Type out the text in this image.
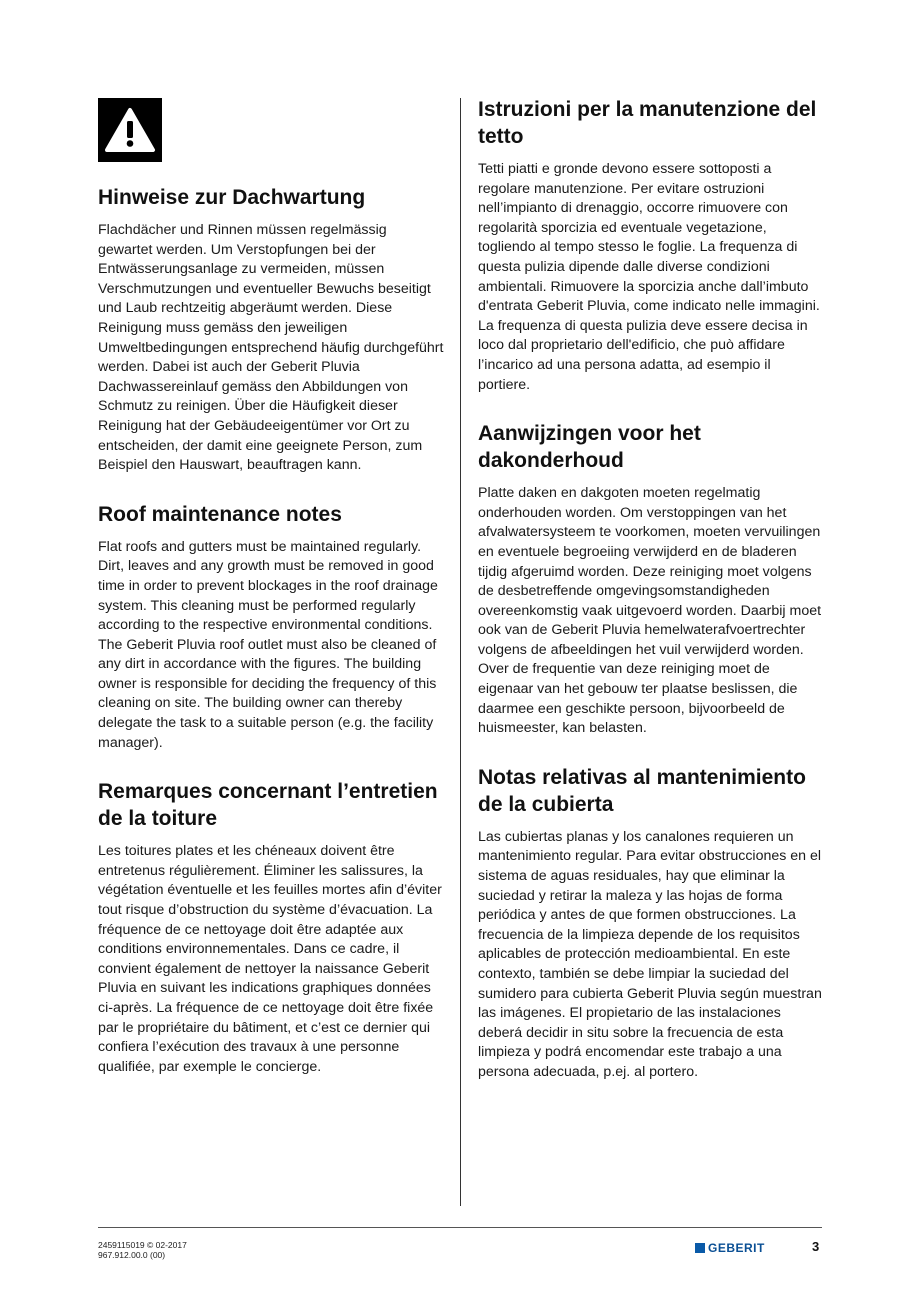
Hinweise zur Dachwartung

Flachdächer und Rinnen müssen regelmässig gewartet werden. Um Verstopfungen bei der Entwässerungsanlage zu vermeiden, müssen Verschmutzungen und eventueller Bewuchs beseitigt und Laub rechtzeitig abgeräumt werden. Diese Reinigung muss gemäss den jeweiligen Umweltbedingungen entsprechend häufig durchgeführt werden. Dabei ist auch der Geberit Pluvia Dachwassereinlauf gemäss den Abbildungen von Schmutz zu reinigen. Über die Häufigkeit dieser Reinigung hat der Gebäudeeigentümer vor Ort zu entscheiden, der damit eine geeignete Person, zum Beispiel den Hauswart, beauftragen kann.

Roof maintenance notes

Flat roofs and gutters must be maintained regularly. Dirt, leaves and any growth must be removed in good time in order to prevent blockages in the roof drainage system. This cleaning must be performed regularly according to the respective environmental conditions. The Geberit Pluvia roof outlet must also be cleaned of any dirt in accordance with the figures. The building owner is responsible for deciding the frequency of this cleaning on site. The building owner can thereby delegate the task to a suitable person (e.g. the facility manager).

Remarques concernant l’entretien de la toiture

Les toitures plates et les chéneaux doivent être entretenus régulièrement. Éliminer les salissures, la végétation éventuelle et les feuilles mortes afin d’éviter tout risque d’obstruction du système d’évacuation. La fréquence de ce nettoyage doit être adaptée aux conditions environnementales. Dans ce cadre, il convient également de nettoyer la naissance Geberit Pluvia en suivant les indications graphiques données ci-après. La fréquence de ce nettoyage doit être fixée par le propriétaire du bâtiment, et c’est ce dernier qui confiera l’exécution des travaux à une personne qualifiée, par exemple le concierge.

Istruzioni per la manutenzione del tetto

Tetti piatti e gronde devono essere sottoposti a regolare manutenzione. Per evitare ostruzioni nell’impianto di drenaggio, occorre rimuovere con regolarità sporcizia ed eventuale vegetazione, togliendo al tempo stesso le foglie. La frequenza di questa pulizia dipende dalle diverse condizioni ambientali. Rimuovere la sporcizia anche dall’imbuto d'entrata Geberit Pluvia, come indicato nelle immagini. La frequenza di questa pulizia deve essere decisa in loco dal proprietario dell'edificio, che può affidare l’incarico ad una persona adatta, ad esempio il portiere.

Aanwijzingen voor het dakonderhoud

Platte daken en dakgoten moeten regelmatig onderhouden worden. Om verstoppingen van het afvalwatersysteem te voorkomen, moeten vervuilingen en eventuele begroeiing verwijderd en de bladeren tijdig afgeruimd worden. Deze reiniging moet volgens de desbetreffende omgevingsomstandigheden overeenkomstig vaak uitgevoerd worden. Daarbij moet ook van de Geberit Pluvia hemelwaterafvoertrechter volgens de afbeeldingen het vuil verwijderd worden. Over de frequentie van deze reiniging moet de eigenaar van het gebouw ter plaatse beslissen, die daarmee een geschikte persoon, bijvoorbeeld de huismeester, kan belasten.

Notas relativas al mantenimiento de la cubierta

Las cubiertas planas y los canalones requieren un mantenimiento regular. Para evitar obstrucciones en el sistema de aguas residuales, hay que eliminar la suciedad y retirar la maleza y las hojas de forma periódica y antes de que formen obstrucciones. La frecuencia de la limpieza depende de los requisitos aplicables de protección medioambiental. En este contexto, también se debe limpiar la suciedad del sumidero para cubierta Geberit Pluvia según muestran las imágenes. El propietario de las instalaciones deberá decidir in situ sobre la frecuencia de esta limpieza y podrá encomendar este trabajo a una persona adecuada, p.ej. al portero.

2459115019 © 02-2017
967.912.00.0 (00)	GEBERIT	3
